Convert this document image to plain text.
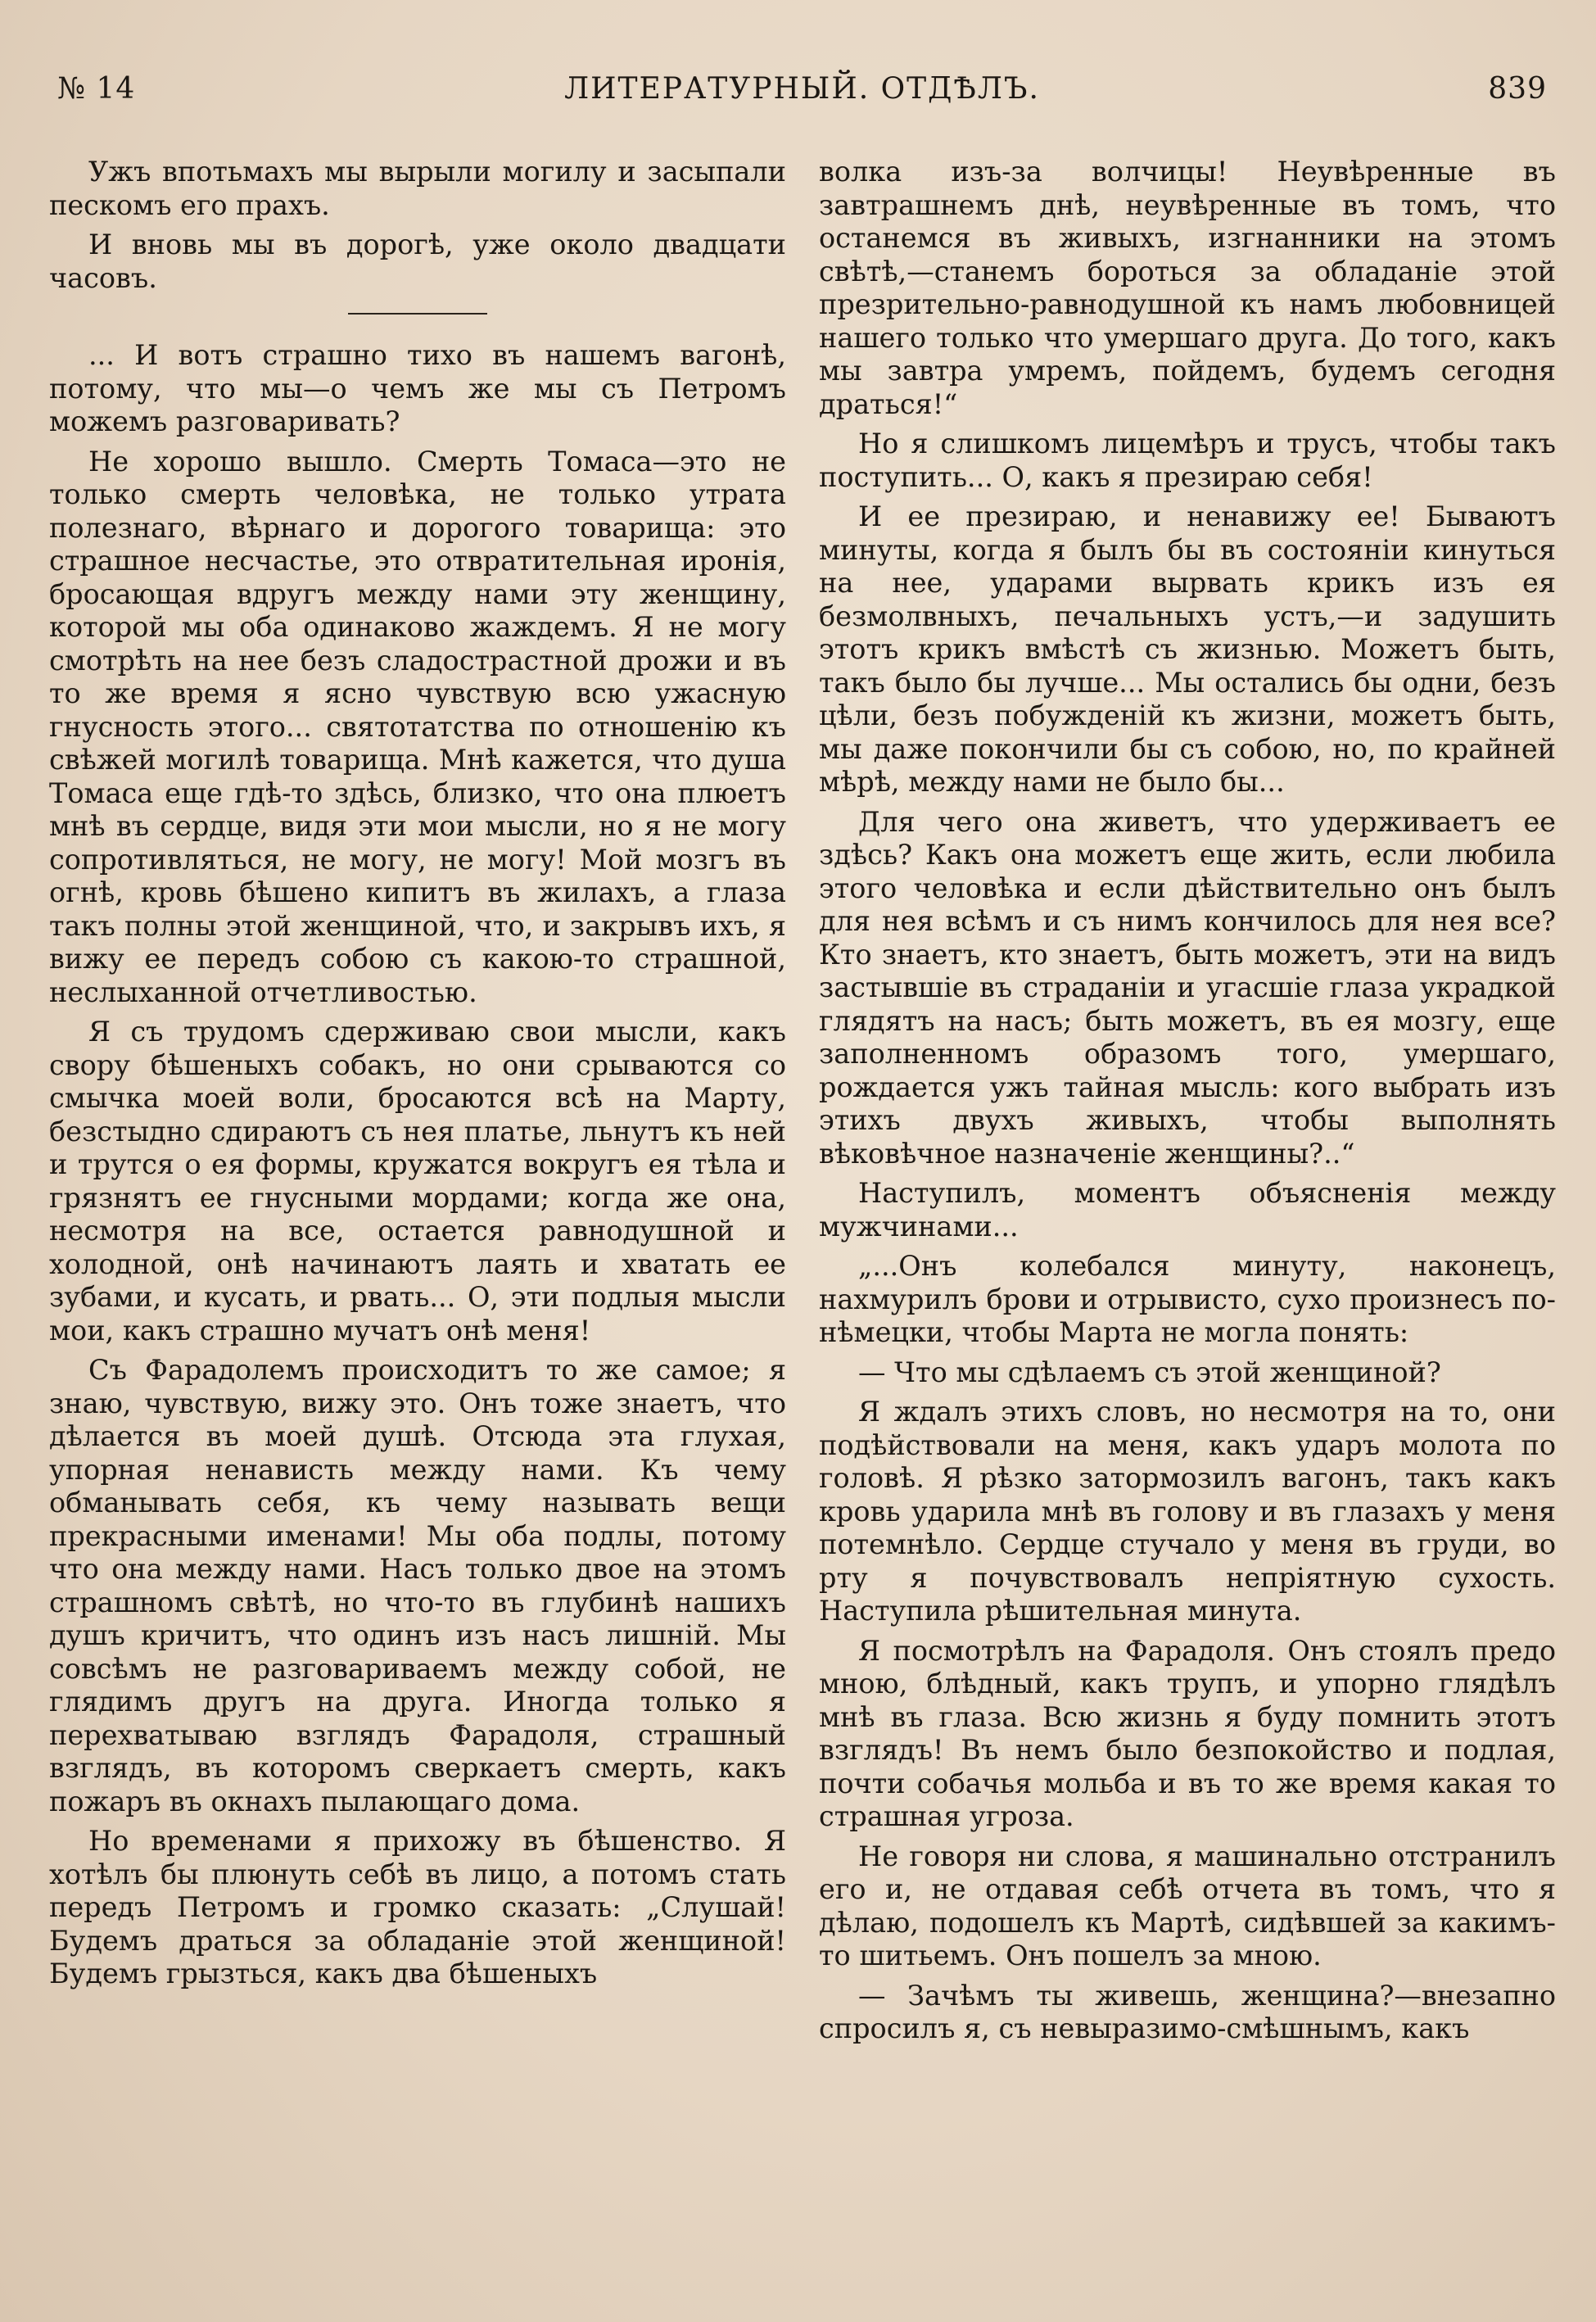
ЛИТЕРАТУРНЫЙ. ОТДѢЛЪ.
№ 14	839

Ужъ впотьмахъ мы вырыли могилу и засыпали пескомъ его прахъ.

И вновь мы въ дорогѣ, уже около двадцати часовъ.

... И вотъ страшно тихо въ нашемъ вагонѣ, потому, что мы—о чемъ же мы съ Петромъ можемъ разговаривать?

Не хорошо вышло. Смерть Томаса—это не только смерть человѣка, не только утрата полезнаго, вѣрнаго и дорогого товарища: это страшное несчастье, это отвратительная иронія, бросающая вдругъ между нами эту женщину, которой мы оба одинаково жаждемъ. Я не могу смотрѣть на нее безъ сладострастной дрожи и въ то же время я ясно чувствую всю ужасную гнусность этого... святотатства по отношенію къ свѣжей могилѣ товарища. Мнѣ кажется, что душа Томаса еще гдѣ-то здѣсь, близко, что она плюетъ мнѣ въ сердце, видя эти мои мысли, но я не могу сопротивляться, не могу, не могу! Мой мозгъ въ огнѣ, кровь бѣшено кипитъ въ жилахъ, а глаза такъ полны этой женщиной, что, и закрывъ ихъ, я вижу ее передъ собою съ какою-то страшной, неслыханной отчетливостью.

Я съ трудомъ сдерживаю свои мысли, какъ свору бѣшеныхъ собакъ, но они срываются со смычка моей воли, бросаются всѣ на Марту, безстыдно сдираютъ съ нея платье, льнутъ къ ней и трутся о ея формы, кружатся вокругъ ея тѣла и грязнятъ ее гнусными мордами; когда же она, несмотря на все, остается равнодушной и холодной, онѣ начинаютъ лаять и хватать ее зубами, и кусать, и рвать... О, эти подлыя мысли мои, какъ страшно мучатъ онѣ меня!

Съ Фарадолемъ происходитъ то же самое; я знаю, чувствую, вижу это. Онъ тоже знаетъ, что дѣлается въ моей душѣ. Отсюда эта глухая, упорная ненависть между нами. Къ чему обманывать себя, къ чему называть вещи прекрасными именами! Мы оба подлы, потому что она между нами. Насъ только двое на этомъ страшномъ свѣтѣ, но что-то въ глубинѣ нашихъ душъ кричитъ, что одинъ изъ насъ лишній. Мы совсѣмъ не разговариваемъ между собой, не глядимъ другъ на друга. Иногда только я перехватываю взглядъ Фарадоля, страшный взглядъ, въ которомъ сверкаетъ смерть, какъ пожаръ въ окнахъ пылающаго дома.

Но временами я прихожу въ бѣшенство. Я хотѣлъ бы плюнуть себѣ въ лицо, а потомъ стать передъ Петромъ и громко сказать: „Слушай! Будемъ драться за обладаніе этой женщиной! Будемъ грызться, какъ два бѣшеныхъ

волка изъ-за волчицы! Неувѣренные въ завтрашнемъ днѣ, неувѣренные въ томъ, что останемся въ живыхъ, изгнанники на этомъ свѣтѣ,—станемъ бороться за обладаніе этой презрительно-равнодушной къ намъ любовницей нашего только что умершаго друга. До того, какъ мы завтра умремъ, пойдемъ, будемъ сегодня драться!“

Но я слишкомъ лицемѣръ и трусъ, чтобы такъ поступить... О, какъ я презираю себя!

И ее презираю, и ненавижу ее! Бываютъ минуты, когда я былъ бы въ состояніи кинуться на нее, ударами вырвать крикъ изъ ея безмолвныхъ, печальныхъ устъ,—и задушить этотъ крикъ вмѣстѣ съ жизнью. Можетъ быть, такъ было бы лучше... Мы остались бы одни, безъ цѣли, безъ побужденій къ жизни, можетъ быть, мы даже покончили бы съ собою, но, по крайней мѣрѣ, между нами не было бы...

Для чего она живетъ, что удерживаетъ ее здѣсь? Какъ она можетъ еще жить, если любила этого человѣка и если дѣйствительно онъ былъ для нея всѣмъ и съ нимъ кончилось для нея все? Кто знаетъ, кто знаетъ, быть можетъ, эти на видъ застывшіе въ страданіи и угасшіе глаза украдкой глядятъ на насъ; быть можетъ, въ ея мозгу, еще заполненномъ образомъ того, умершаго, рождается ужъ тайная мысль: кого выбрать изъ этихъ двухъ живыхъ, чтобы выполнять вѣковѣчное назначеніе женщины?..“

Наступилъ, моментъ объясненія между мужчинами...

„...Онъ колебался минуту, наконецъ, нахмурилъ брови и отрывисто, сухо произнесъ по-нѣмецки, чтобы Марта не могла понять:

— Что мы сдѣлаемъ съ этой женщиной?

Я ждалъ этихъ словъ, но несмотря на то, они подѣйствовали на меня, какъ ударъ молота по головѣ. Я рѣзко затормозилъ вагонъ, такъ какъ кровь ударила мнѣ въ голову и въ глазахъ у меня потемнѣло. Сердце стучало у меня въ груди, во рту я почувствовалъ непріятную сухость. Наступила рѣшительная минута.

Я посмотрѣлъ на Фарадоля. Онъ стоялъ предо мною, блѣдный, какъ трупъ, и упорно глядѣлъ мнѣ въ глаза. Всю жизнь я буду помнить этотъ взглядъ! Въ немъ было безпокойство и подлая, почти собачья мольба и въ то же время какая то страшная угроза.

Не говоря ни слова, я машинально отстранилъ его и, не отдавая себѣ отчета въ томъ, что я дѣлаю, подошелъ къ Мартѣ, сидѣвшей за какимъ-то шитьемъ. Онъ пошелъ за мною.

— Зачѣмъ ты живешь, женщина?—внезапно спросилъ я, съ невыразимо-смѣшнымъ, какъ
